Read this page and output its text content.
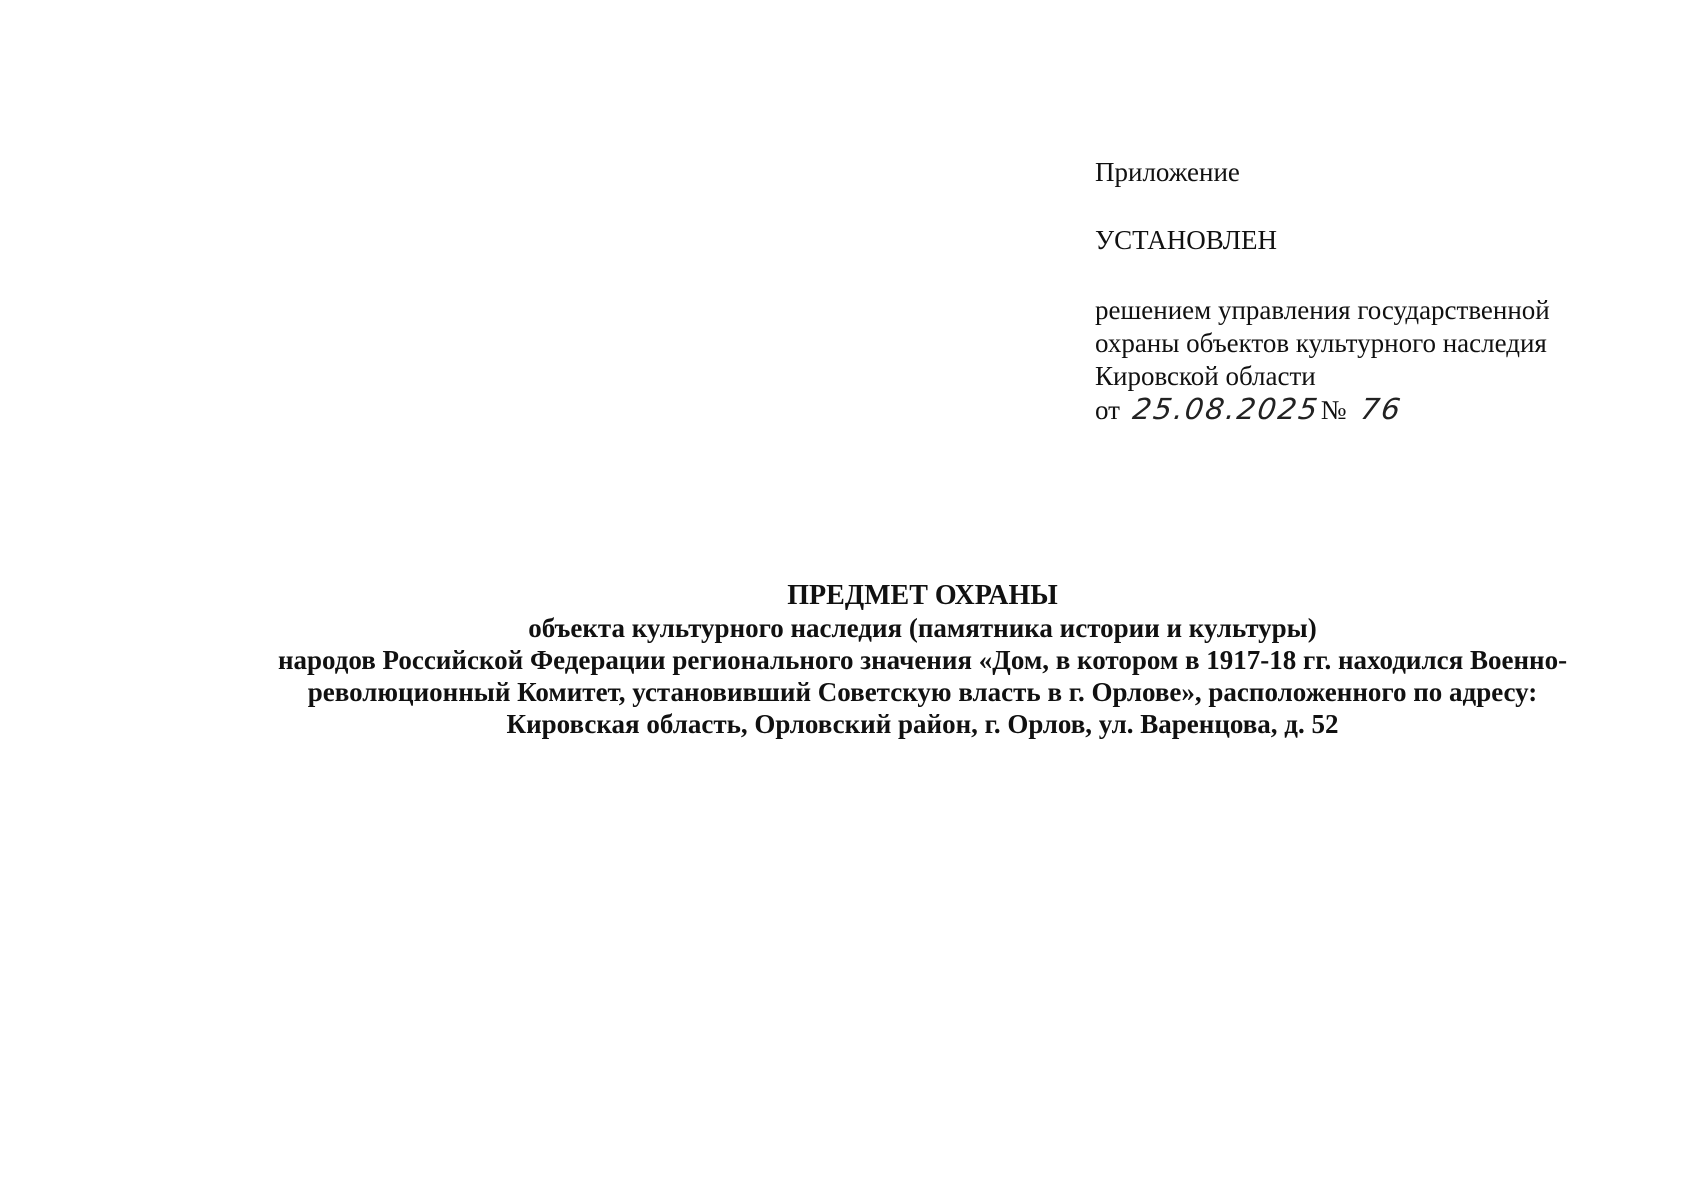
Приложение
УСТАНОВЛЕН
решением управления государственной
охраны объектов культурного наследия
Кировской области
от 25.08.2025№ 76
ПРЕДМЕТ ОХРАНЫ
объекта культурного наследия (памятника истории и культуры)
народов Российской Федерации регионального значения «Дом, в котором в 1917-18 гг. находился Военно-
революционный Комитет, установивший Советскую власть в г. Орлове», расположенного по адресу:
Кировская область, Орловский район, г. Орлов, ул. Варенцова, д. 52
